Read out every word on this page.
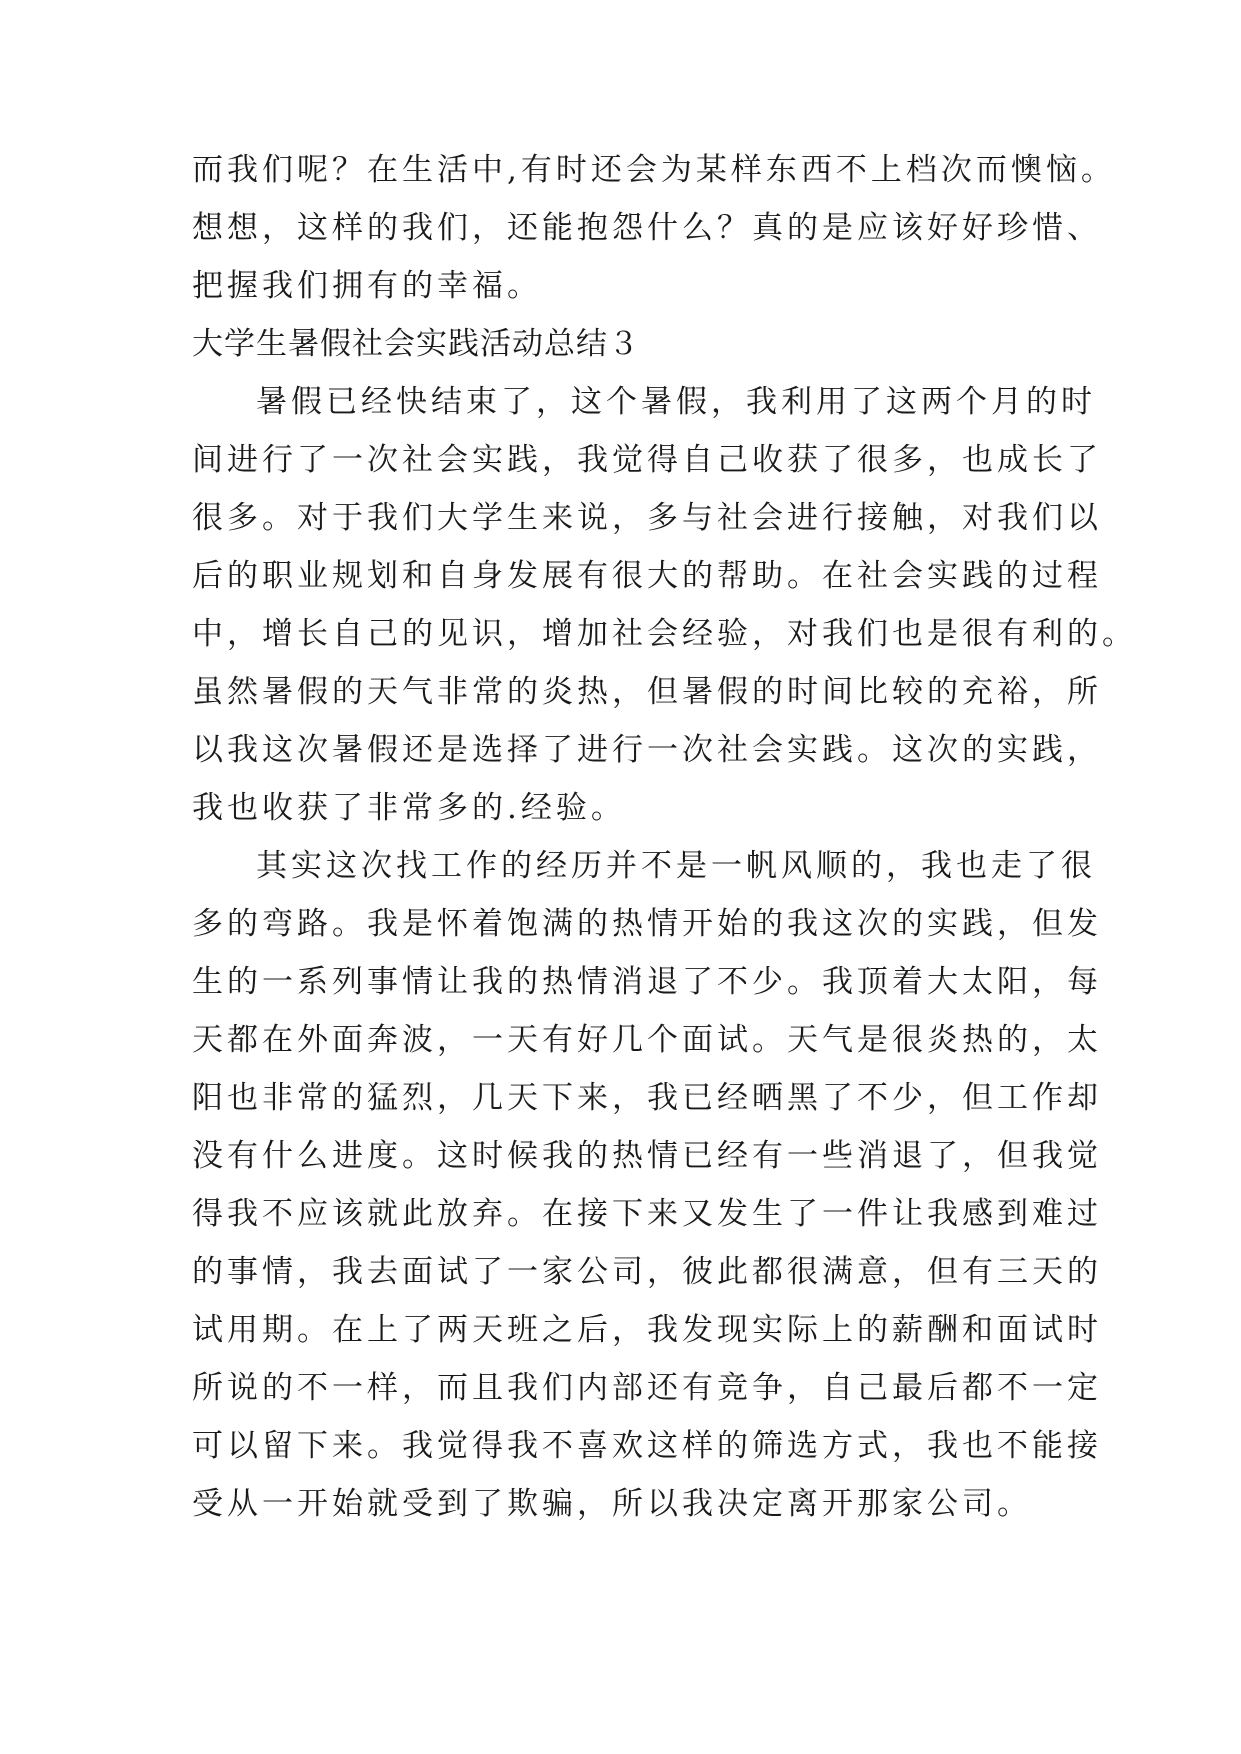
而我们呢？在生活中,有时还会为某样东西不上档次而懊恼。
想想，这样的我们，还能抱怨什么？真的是应该好好珍惜、
把握我们拥有的幸福。
大学生暑假社会实践活动总结３
暑假已经快结束了，这个暑假，我利用了这两个月的时
间进行了一次社会实践，我觉得自己收获了很多，也成长了
很多。对于我们大学生来说，多与社会进行接触，对我们以
后的职业规划和自身发展有很大的帮助。在社会实践的过程
中，增长自己的见识，增加社会经验，对我们也是很有利的。
虽然暑假的天气非常的炎热，但暑假的时间比较的充裕，所
以我这次暑假还是选择了进行一次社会实践。这次的实践，
我也收获了非常多的.经验。
其实这次找工作的经历并不是一帆风顺的，我也走了很
多的弯路。我是怀着饱满的热情开始的我这次的实践，但发
生的一系列事情让我的热情消退了不少。我顶着大太阳，每
天都在外面奔波，一天有好几个面试。天气是很炎热的，太
阳也非常的猛烈，几天下来，我已经晒黑了不少，但工作却
没有什么进度。这时候我的热情已经有一些消退了，但我觉
得我不应该就此放弃。在接下来又发生了一件让我感到难过
的事情，我去面试了一家公司，彼此都很满意，但有三天的
试用期。在上了两天班之后，我发现实际上的薪酬和面试时
所说的不一样，而且我们内部还有竞争，自己最后都不一定
可以留下来。我觉得我不喜欢这样的筛选方式，我也不能接
受从一开始就受到了欺骗，所以我决定离开那家公司。
